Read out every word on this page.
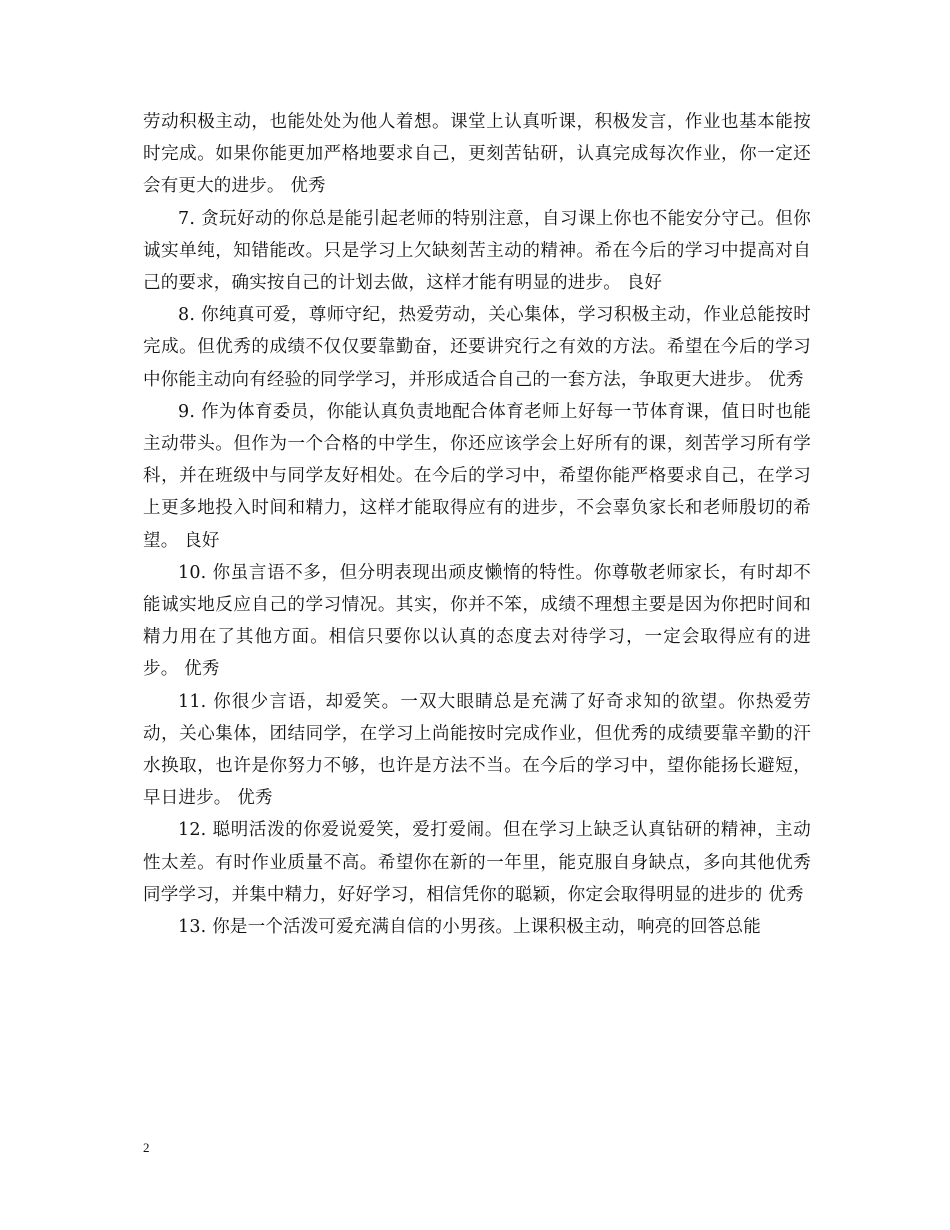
劳动积极主动，也能处处为他人着想。课堂上认真听课，积极发言，作业也基本能按时完成。如果你能更加严格地要求自己，更刻苦钻研，认真完成每次作业，你一定还会有更大的进步。 优秀

7. 贪玩好动的你总是能引起老师的特别注意，自习课上你也不能安分守己。但你诚实单纯，知错能改。只是学习上欠缺刻苦主动的精神。希在今后的学习中提高对自己的要求，确实按自己的计划去做，这样才能有明显的进步。 良好

8. 你纯真可爱，尊师守纪，热爱劳动，关心集体，学习积极主动，作业总能按时完成。但优秀的成绩不仅仅要靠勤奋，还要讲究行之有效的方法。希望在今后的学习中你能主动向有经验的同学学习，并形成适合自己的一套方法，争取更大进步。 优秀

9. 作为体育委员，你能认真负责地配合体育老师上好每一节体育课，值日时也能主动带头。但作为一个合格的中学生，你还应该学会上好所有的课，刻苦学习所有学科，并在班级中与同学友好相处。在今后的学习中，希望你能严格要求自己，在学习上更多地投入时间和精力，这样才能取得应有的进步，不会辜负家长和老师殷切的希望。 良好

10. 你虽言语不多，但分明表现出顽皮懒惰的特性。你尊敬老师家长，有时却不能诚实地反应自己的学习情况。其实，你并不笨，成绩不理想主要是因为你把时间和精力用在了其他方面。相信只要你以认真的态度去对待学习，一定会取得应有的进步。 优秀

11. 你很少言语，却爱笑。一双大眼睛总是充满了好奇求知的欲望。你热爱劳动，关心集体，团结同学，在学习上尚能按时完成作业，但优秀的成绩要靠辛勤的汗水换取，也许是你努力不够，也许是方法不当。在今后的学习中，望你能扬长避短，早日进步。 优秀

12. 聪明活泼的你爱说爱笑，爱打爱闹。但在学习上缺乏认真钻研的精神，主动性太差。有时作业质量不高。希望你在新的一年里，能克服自身缺点，多向其他优秀同学学习，并集中精力，好好学习，相信凭你的聪颖，你定会取得明显的进步的 优秀

13. 你是一个活泼可爱充满自信的小男孩。上课积极主动，响亮的回答总能

2
